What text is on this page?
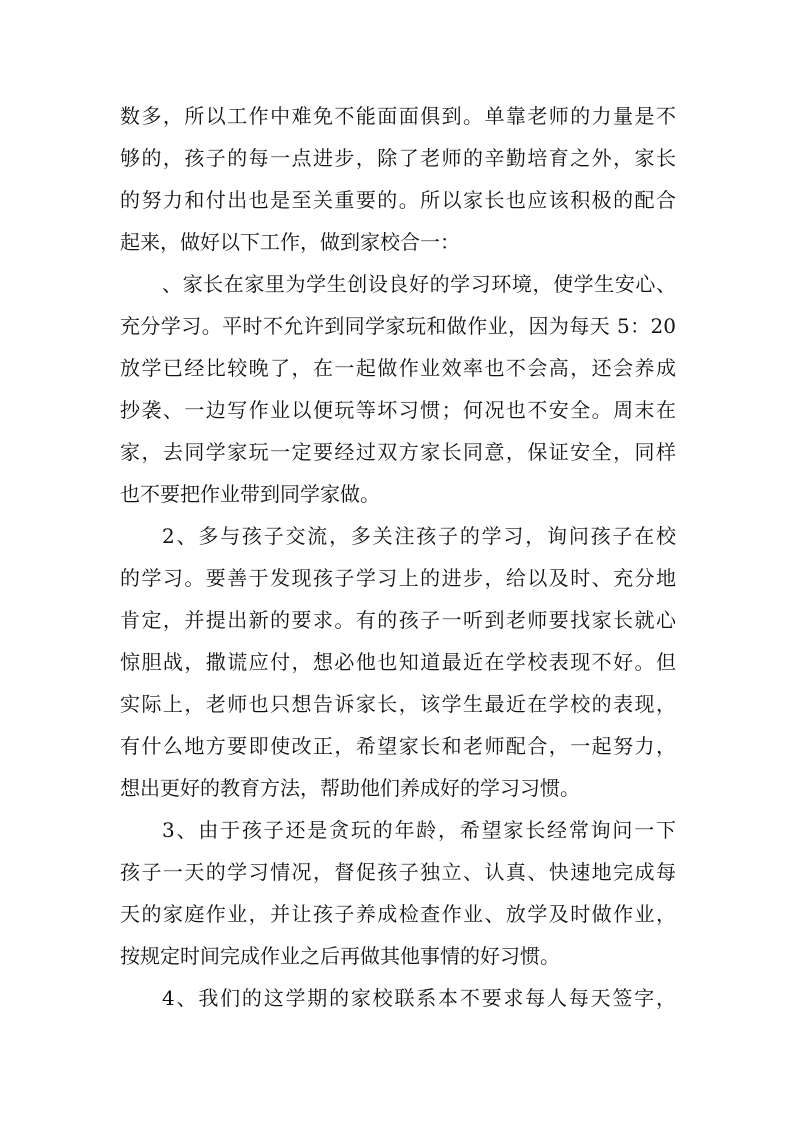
数多，所以工作中难免不能面面俱到。单靠老师的力量是不
够的，孩子的每一点进步，除了老师的辛勤培育之外，家长
的努力和付出也是至关重要的。所以家长也应该积极的配合
起来，做好以下工作，做到家校合一：
、家长在家里为学生创设良好的学习环境，使学生安心、
充分学习。平时不允许到同学家玩和做作业，因为每天 5：20
放学已经比较晚了，在一起做作业效率也不会高，还会养成
抄袭、一边写作业以便玩等坏习惯；何况也不安全。周末在
家，去同学家玩一定要经过双方家长同意，保证安全，同样
也不要把作业带到同学家做。
2、多与孩子交流，多关注孩子的学习，询问孩子在校
的学习。要善于发现孩子学习上的进步，给以及时、充分地
肯定，并提出新的要求。有的孩子一听到老师要找家长就心
惊胆战，撒谎应付，想必他也知道最近在学校表现不好。但
实际上，老师也只想告诉家长，该学生最近在学校的表现，
有什么地方要即使改正，希望家长和老师配合，一起努力，
想出更好的教育方法，帮助他们养成好的学习习惯。
3、由于孩子还是贪玩的年龄，希望家长经常询问一下
孩子一天的学习情况，督促孩子独立、认真、快速地完成每
天的家庭作业，并让孩子养成检查作业、放学及时做作业，
按规定时间完成作业之后再做其他事情的好习惯。
4、我们的这学期的家校联系本不要求每人每天签字，
